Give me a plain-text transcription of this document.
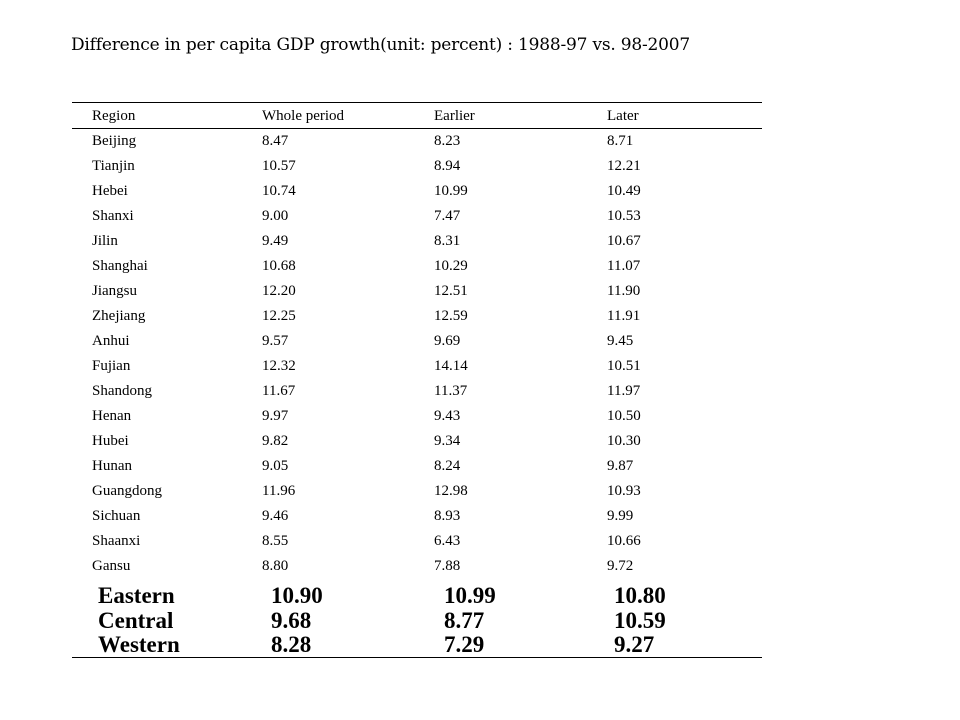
Difference in per capita GDP growth(unit: percent) : 1988-97 vs. 98-2007
Region	Whole period	Earlier	Later
Beijing	8.47	8.23	8.71
Tianjin	10.57	8.94	12.21
Hebei	10.74	10.99	10.49
Shanxi	9.00	7.47	10.53
Jilin	9.49	8.31	10.67
Shanghai	10.68	10.29	11.07
Jiangsu	12.20	12.51	11.90
Zhejiang	12.25	12.59	11.91
Anhui	9.57	9.69	9.45
Fujian	12.32	14.14	10.51
Shandong	11.67	11.37	11.97
Henan	9.97	9.43	10.50
Hubei	9.82	9.34	10.30
Hunan	9.05	8.24	9.87
Guangdong	11.96	12.98	10.93
Sichuan	9.46	8.93	9.99
Shaanxi	8.55	6.43	10.66
Gansu	8.80	7.88	9.72
Eastern	10.90	10.99	10.80
Central	9.68	8.77	10.59
Western	8.28	7.29	9.27
